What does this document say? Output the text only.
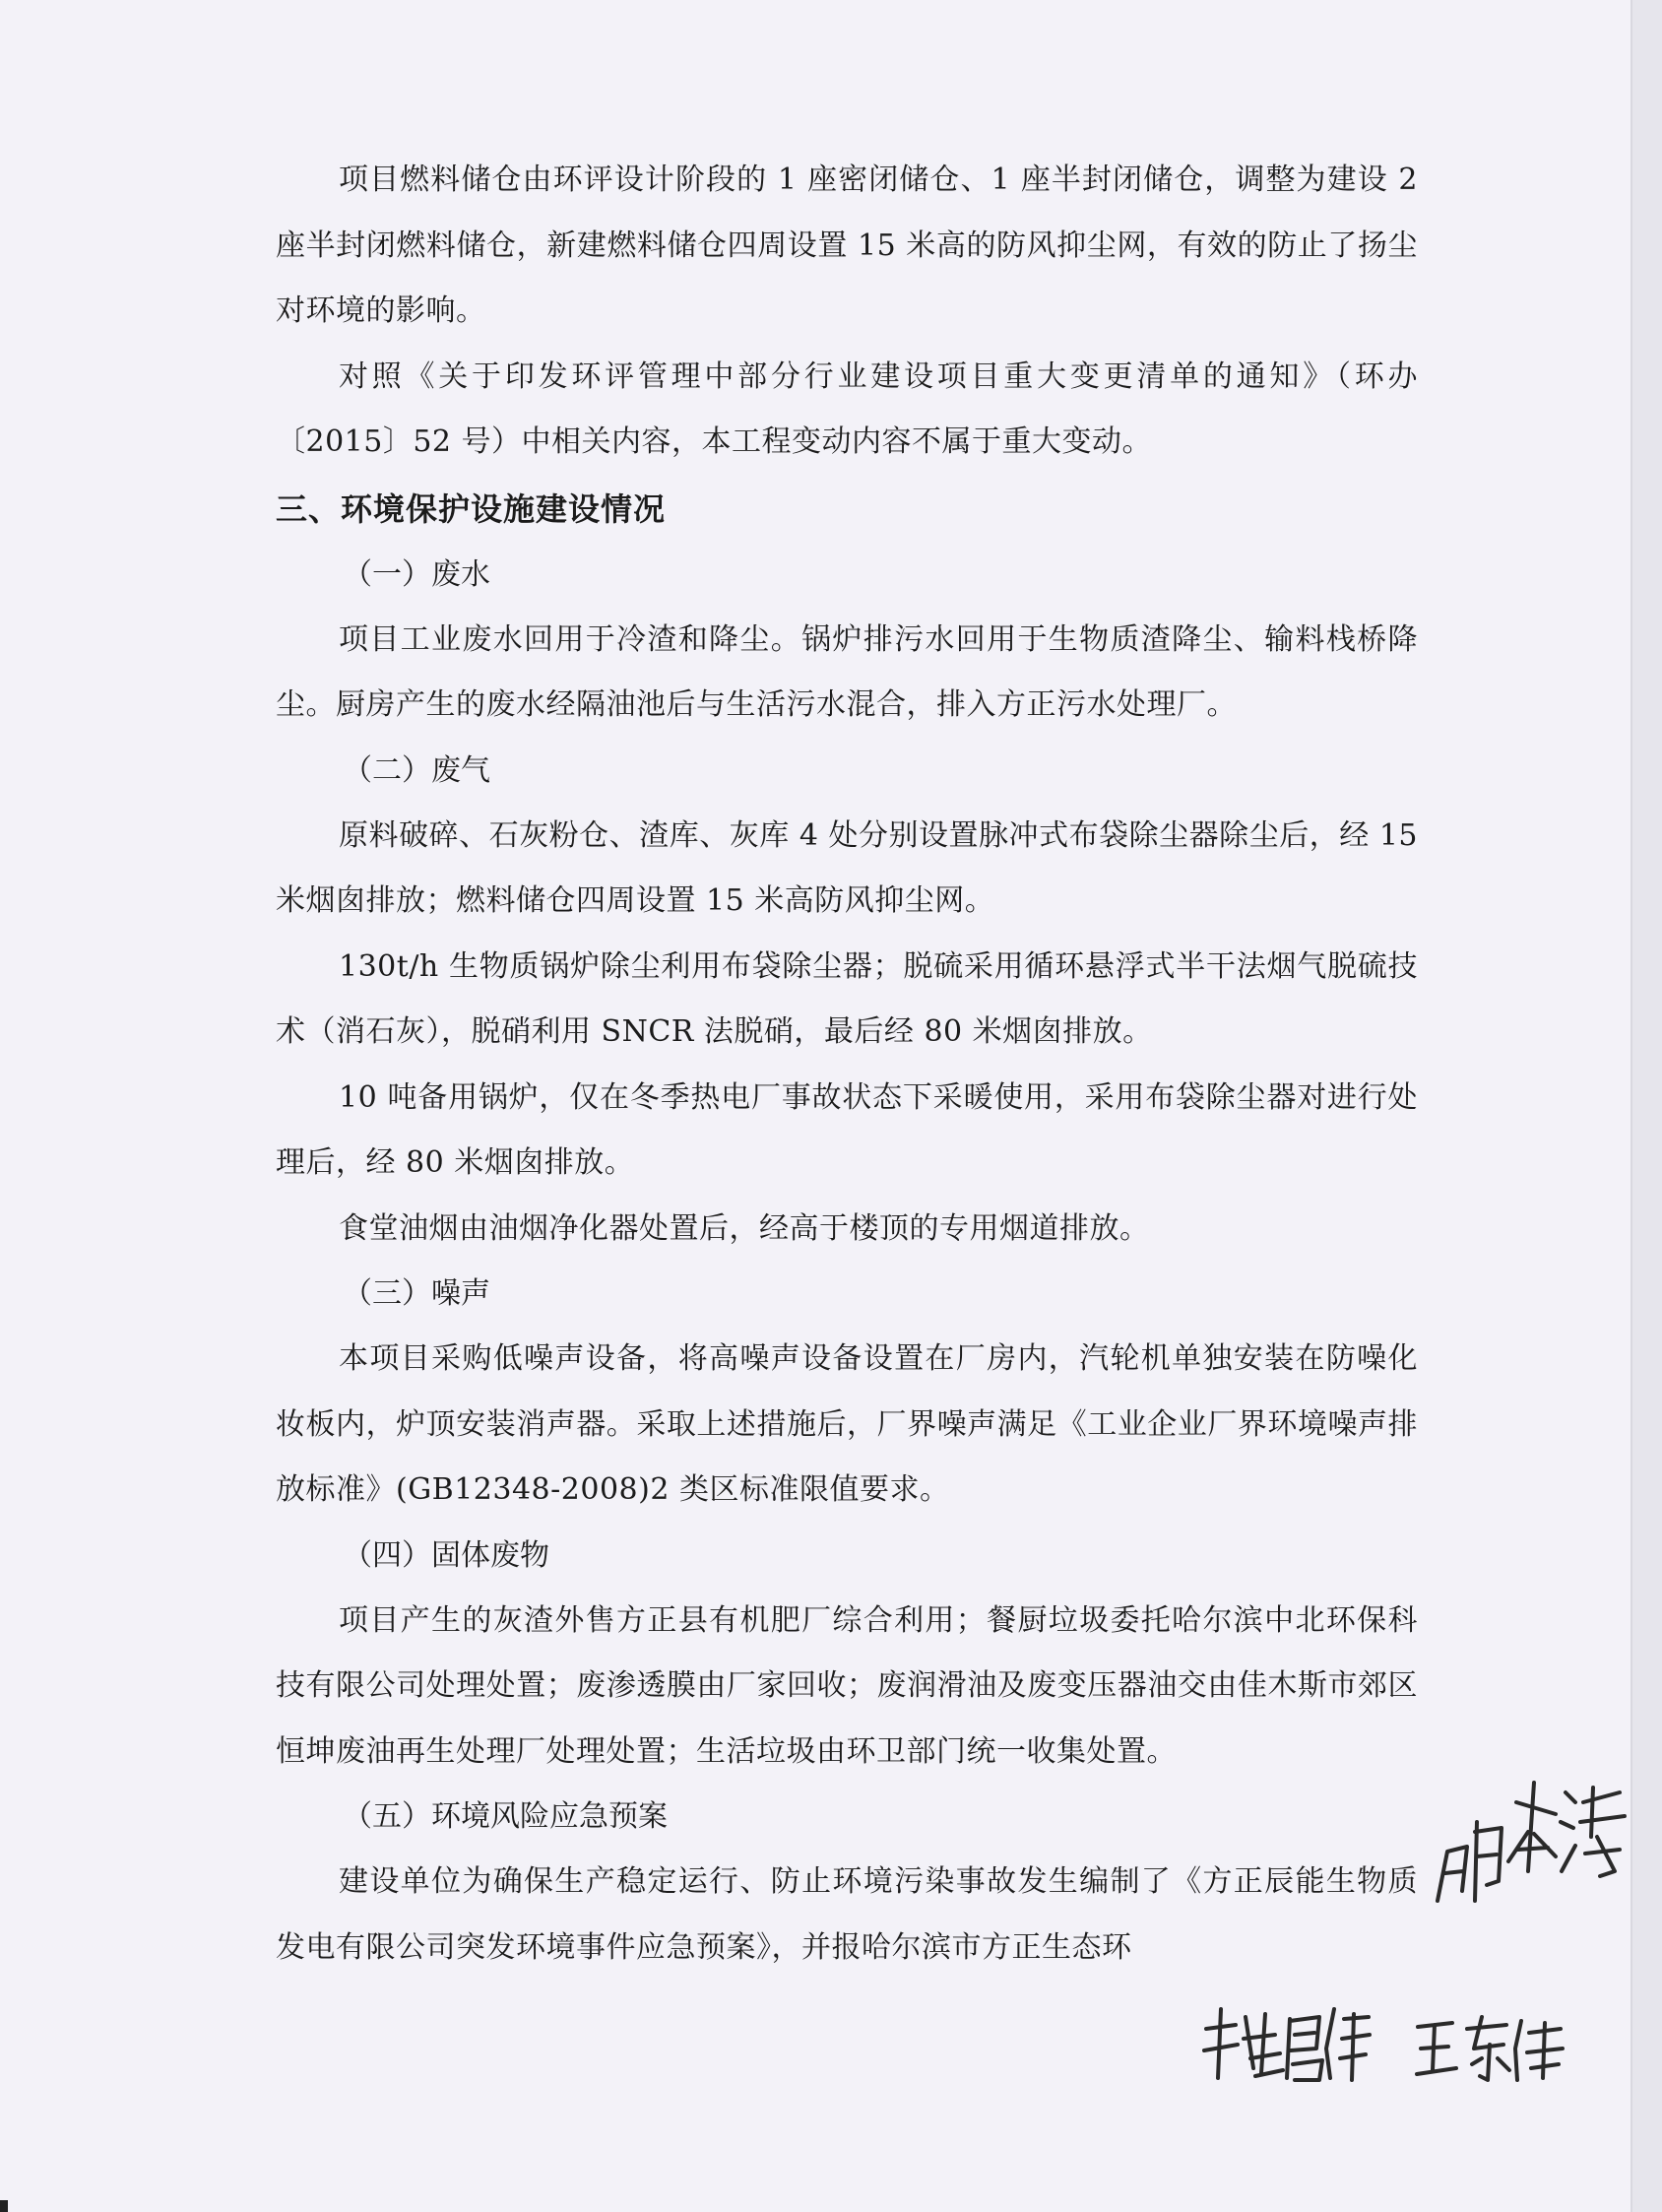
项目燃料储仓由环评设计阶段的 1 座密闭储仓、1 座半封闭储仓，调整为建设 2 座半封闭燃料储仓，新建燃料储仓四周设置 15 米高的防风抑尘网，有效的防止了扬尘对环境的影响。

对照《关于印发环评管理中部分行业建设项目重大变更清单的通知》（环办〔2015〕52 号）中相关内容，本工程变动内容不属于重大变动。

三、环境保护设施建设情况

（一）废水

项目工业废水回用于冷渣和降尘。锅炉排污水回用于生物质渣降尘、输料栈桥降尘。厨房产生的废水经隔油池后与生活污水混合，排入方正污水处理厂。

（二）废气

原料破碎、石灰粉仓、渣库、灰库 4 处分别设置脉冲式布袋除尘器除尘后，经 15 米烟囱排放；燃料储仓四周设置 15 米高防风抑尘网。

130t/h 生物质锅炉除尘利用布袋除尘器；脱硫采用循环悬浮式半干法烟气脱硫技术（消石灰），脱硝利用 SNCR 法脱硝，最后经 80 米烟囱排放。

10 吨备用锅炉，仅在冬季热电厂事故状态下采暖使用，采用布袋除尘器对进行处理后，经 80 米烟囱排放。

食堂油烟由油烟净化器处置后，经高于楼顶的专用烟道排放。

（三）噪声

本项目采购低噪声设备，将高噪声设备设置在厂房内，汽轮机单独安装在防噪化妆板内，炉顶安装消声器。采取上述措施后，厂界噪声满足《工业企业厂界环境噪声排放标准》(GB12348-2008)2 类区标准限值要求。

（四）固体废物

项目产生的灰渣外售方正县有机肥厂综合利用；餐厨垃圾委托哈尔滨中北环保科技有限公司处理处置；废渗透膜由厂家回收；废润滑油及废变压器油交由佳木斯市郊区恒坤废油再生处理厂处理处置；生活垃圾由环卫部门统一收集处置。

（五）环境风险应急预案

建设单位为确保生产稳定运行、防止环境污染事故发生编制了《方正辰能生物质发电有限公司突发环境事件应急预案》，并报哈尔滨市方正生态环
